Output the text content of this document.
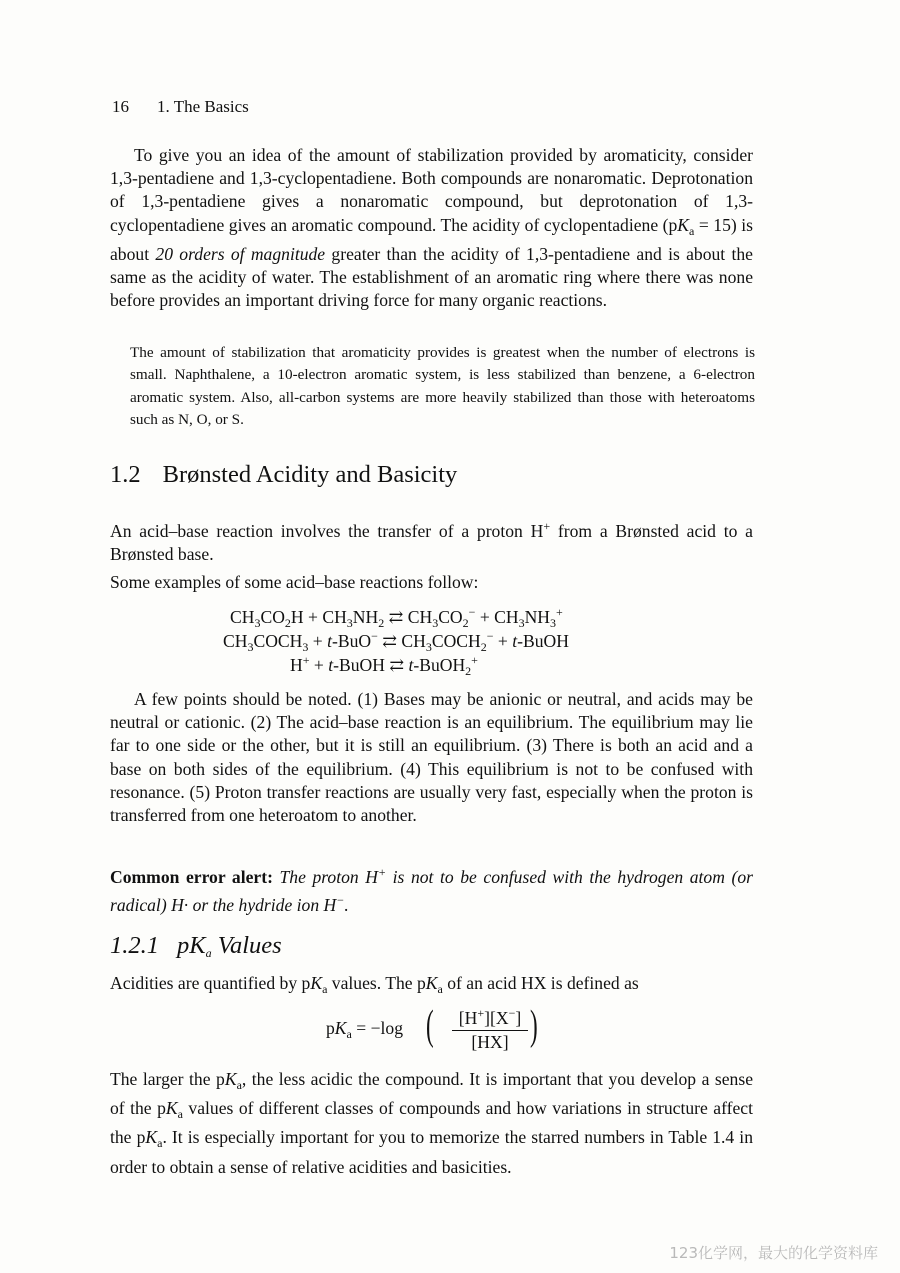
16 1. The Basics

To give you an idea of the amount of stabilization provided by aromaticity, consider 1,3-pentadiene and 1,3-cyclopentadiene. Both compounds are nonaromatic. Deprotonation of 1,3-pentadiene gives a nonaromatic compound, but deprotonation of 1,3-cyclopentadiene gives an aromatic compound. The acidity of cyclopentadiene $(pK_a = 15)$ is about 20 orders of magnitude greater than the acidity of 1,3-pentadiene and is about the same as the acidity of water. The establishment of an aromatic ring where there was none before provides an important driving force for many organic reactions.

The amount of stabilization that aromaticity provides is greatest when the number of electrons is small. Naphthalene, a 10-electron aromatic system, is less stabilized than benzene, a 6-electron aromatic system. Also, all-carbon systems are more heavily stabilized than those with heteroatoms such as N, O, or S.

1.2 Brønsted Acidity and Basicity

An acid–base reaction involves the transfer of a proton H+ from a Brønsted acid to a Brønsted base.

Some examples of some acid–base reactions follow:

$CH_3CO_2H + CH_3NH_2$ ⇄ $CH_3CO_2^- + CH_3NH_3^+$
$CH_3COCH_3 + t-BuO^-$ ⇄ $CH_3COCH_2^-$ + t-BuOH
H+ + t-BuOH ⇄ t-BuOH$_2$+

A few points should be noted. (1) Bases may be anionic or neutral, and acids may be neutral or cationic. (2) The acid–base reaction is an equilibrium. The equilibrium may lie far to one side or the other, but it is still an equilibrium. (3) There is both an acid and a base on both sides of the equilibrium. (4) This equilibrium is not to be confused with resonance. (5) Proton transfer reactions are usually very fast, especially when the proton is transferred from one heteroatom to another.

Common error alert: The proton H+ is not to be confused with the hydrogen atom (or radical) H· or the hydride ion H−.

1.2.1 $pK_a$ Values

Acidities are quantified by $pK_a$ values. The $pK_a$ of an acid HX is defined as

$pK_a = -\log$ (	[H+][X−]
[HX] )

The larger the $pK_a$, the less acidic the compound. It is important that you develop a sense of the $pK_a$ values of different classes of compounds and how variations in structure affect the $pK_a$. It is especially important for you to memorize the starred numbers in Table 1.4 in order to obtain a sense of relative acidities and basicities.

123化学网，最大的化学资料库
